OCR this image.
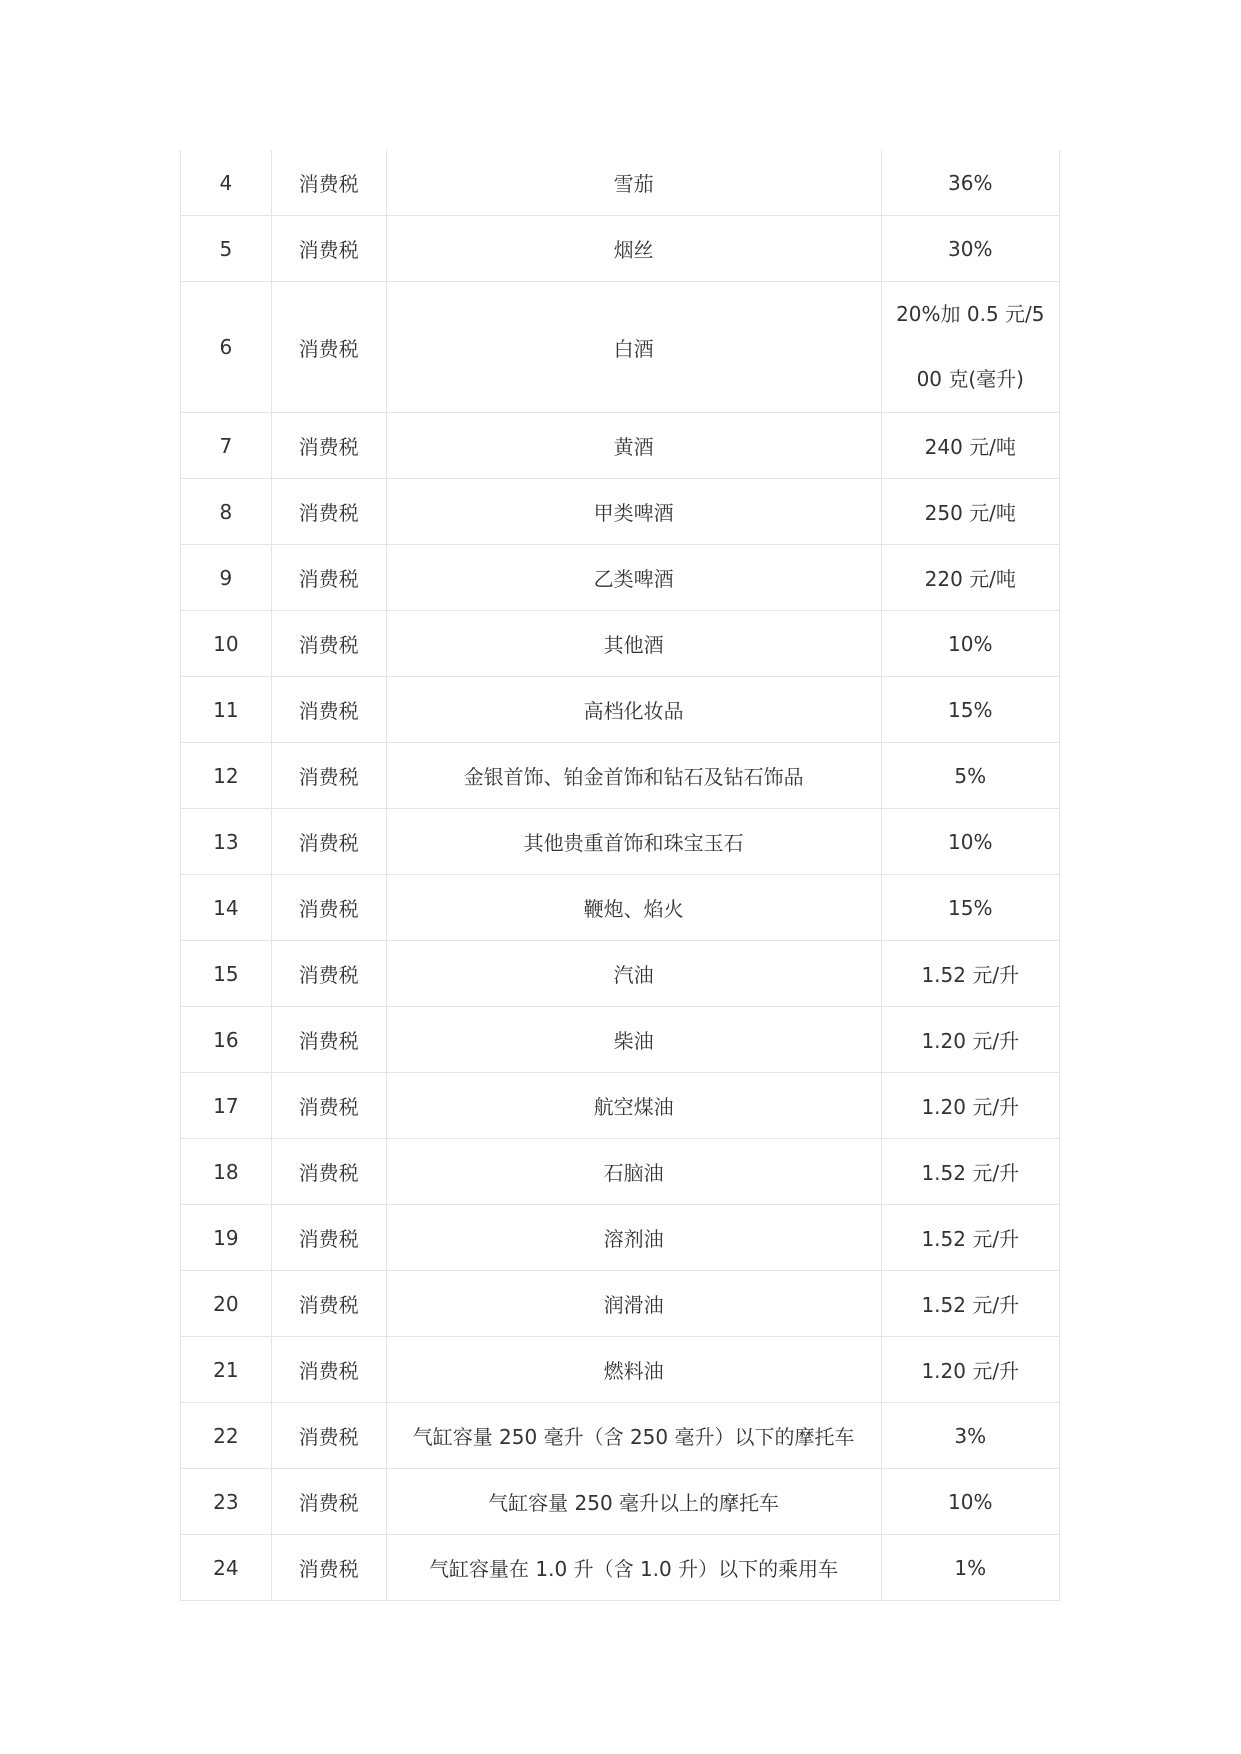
4	消费税	雪茄	36%
5	消费税	烟丝	30%
6	消费税	白酒	20%加 0.5 元/500 克(毫升)
7	消费税	黄酒	240 元/吨
8	消费税	甲类啤酒	250 元/吨
9	消费税	乙类啤酒	220 元/吨
10	消费税	其他酒	10%
11	消费税	高档化妆品	15%
12	消费税	金银首饰、铂金首饰和钻石及钻石饰品	5%
13	消费税	其他贵重首饰和珠宝玉石	10%
14	消费税	鞭炮、焰火	15%
15	消费税	汽油	1.52 元/升
16	消费税	柴油	1.20 元/升
17	消费税	航空煤油	1.20 元/升
18	消费税	石脑油	1.52 元/升
19	消费税	溶剂油	1.52 元/升
20	消费税	润滑油	1.52 元/升
21	消费税	燃料油	1.20 元/升
22	消费税	气缸容量 250 毫升（含 250 毫升）以下的摩托车	3%
23	消费税	气缸容量 250 毫升以上的摩托车	10%
24	消费税	气缸容量在 1.0 升（含 1.0 升）以下的乘用车	1%
